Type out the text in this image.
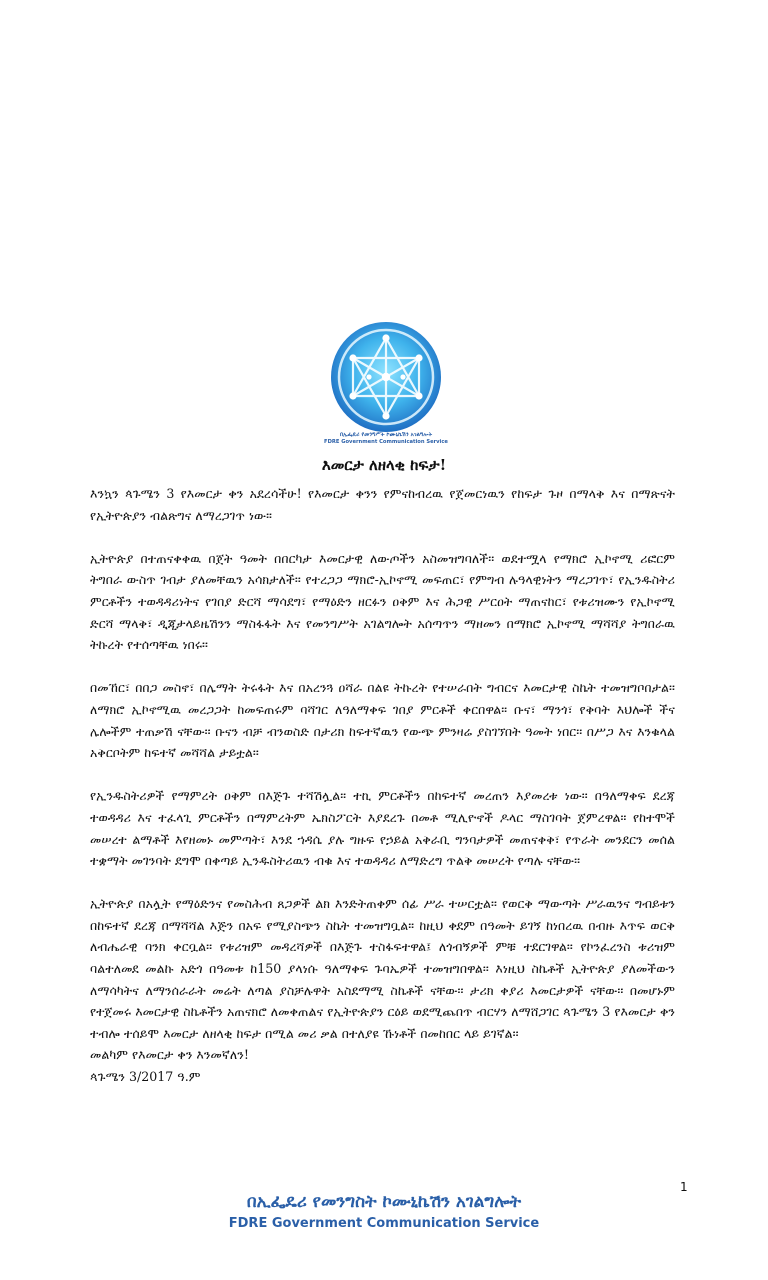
በኢፌዴሪ የመንግሥት ኮሙኒኬሽን አገልግሎት
FDRE Government Communication Service
እመርታ ለዘላቂ ከፍታ!

እንኳን ጳጉሜን 3 የእመርታ ቀን አደረሳችሁ! የእመርታ ቀንን የምናከብረዉ የጀመርነዉን የከፍታ ጉዞ በማላቅ እና በማጽናት የኢትዮጵያን ብልጽግና ለማረጋገጥ ነው፡፡

ኢትዮጵያ በተጠናቀቀዉ በጀት ዓመት በበርካታ እመርታዊ ለውጦችን አስመዝግባለች፡፡ ወደተሟላ የማክሮ ኢኮኖሚ ሪፎርም ትግበራ ውስጥ ገብታ ያለመቸዉን አሳክታለች፡፡ የተረጋጋ ማክሮ-ኢኮኖሚ መፍጠር፣ የምግብ ሉዓላዊነትን ማረጋገጥ፣ የኢንዱስትሪ ምርቶችን ተወዳዳሪነትና የገበያ ድርሻ ማሳደግ፣ የማዕድን ዘርፉን ዐቅም እና ሕጋዊ ሥርዐት ማጠናከር፣ የቱሪዝሙን የኢኮኖሚ ድርሻ ማላቅ፣ ዲጂታላይዜሽንን ማስፋፋት እና የመንግሥት አገልግሎት አሰጣጥን ማዘመን በማክሮ ኢኮኖሚ ማሻሻያ ትግበራዉ ትኩረት የተሰጣቸዉ ነበሩ፡፡

በመኸር፣ በበጋ መስኖ፣ በሌማት ትሩፋት እና በአረንጓ ዐሻራ በልዩ ትኩረት የተሠራበት ግብርና እመርታዊ ስኬት ተመዝግቦበታል፡፡ ለማክሮ ኢኮኖሚዉ መረጋጋት ከመፍጠሩም ባሻገር ለዓለማቀፍ ገበያ ምርቶች ቀርበዋል፡፡ ቡና፣ ማንጎ፣ የቅባት እህሎች ችና ሌሎችም ተጠቃሽ ናቸው፡፡ ቡናን ብቻ ብንወስድ በታሪክ ከፍተኛዉን የውጭ ምንዛሬ ያስገኘበት ዓመት ነበር፡፡ በሥጋ እና እንቁላል አቅርቦትም ከፍተኛ መሻሻል ታይቷል፡፡

የኢንዱስትሪዎች የማምረት ዐቅም በእጅጉ ተሻሽሏል፡፡ ተኪ ምርቶችን በከፍተኛ መረጠን እያመረቱ ነው፡፡ በዓለማቀፍ ደረጃ ተወዳዳሪ እና ተፈላጊ ምርቶችን በማምረትም ኤክስፖርት እያደረጉ በመቶ ሚሊዮኖች ዶላር ማስገባት ጀምረዋል፡፡ የከተሞች መሠረተ ልማቶች እየዘመኑ መምጣት፣ እንደ ኀዳሴ ያሉ ግዙፍ የኃይል አቅራቢ ግንባታዎች መጠናቀቅ፣ የጥራት መንደርን መሰል ተቋማት መገንባት ደግሞ በቀጣይ ኢንዱስትሪዉን ብቁ እና ተወዳዳሪ ለማድረግ ጥልቅ መሠረት የጣሉ ናቸው፡፡

ኢትዮጵያ በአሏት የማዕድንና የመስሕብ ጸጋዎች ልክ እንድትጠቀም ሰፊ ሥራ ተሠርቷል፡፡ የወርቅ ማውጣት ሥራዉንና ግብይቱን በከፍተኛ ደረጃ በማሻሻል እጅን በአፍ የሚያስጭን ስኬት ተመዝግቧል፡፡ ከዚህ ቀደም በዓመት ይገኝ ከነበረዉ በብዙ እጥፍ ወርቅ ለብሔራዊ ባንክ ቀርቧል፡፡ የቱሪዝም መዳረሻዎች በእጅጉ ተስፋፍተዋል፤ ለጎብኝዎች ምቹ ተደርገዋል፡፡ የኮንፈረንስ ቱሪዝም ባልተለመደ መልኩ አድጎ በዓመቱ ከ150 ያላነሱ ዓለማቀፍ ጉባኤዎች ተመዝግበዋል፡፡ እነዚህ ስኬቶች ኢትዮጵያ ያለመችውን ለማሳካትና ለማንሰራራት መሬት ለጣል ያስቻሉዋት አስደማሚ ስኬቶች ናቸው፡፡ ታሪክ ቀያሪ እመርታዎች ናቸው፡፡ በመሆኑም የተጀመሩ እመርታዊ ስኬቶችን አጠናክሮ ለመቀጠልና የኢትዮጵያን ርዕይ ወደሚጨበጥ ብርሃን ለማሸጋገር ጳጉሜን 3 የእመርታ ቀን ተብሎ ተሰይሞ እመርታ ለዘላቂ ከፍታ በሚል መሪ ቃል በተለያዩ ኹነቶች በመከበር ላይ ይገኛል፡፡

መልካም የእመርታ ቀን እንመኛለን!
ጳጉሜን 3/2017 ዓ.ም
1
በኢፌዴሪ የመንግስት ኮሙኒኬሽን አገልግሎት
FDRE Government Communication Service
